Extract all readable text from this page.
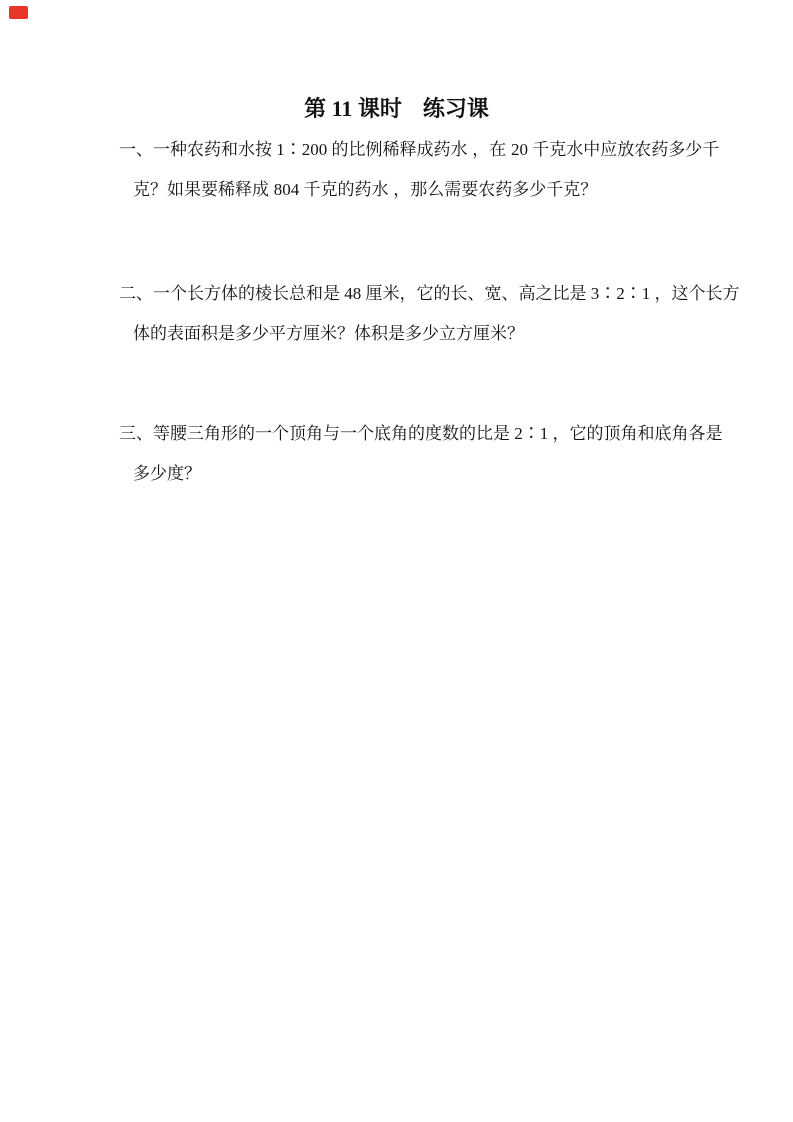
第 11 课时 练习课
一、一种农药和水按 1∶200 的比例稀释成药水 ，在 20 千克水中应放农药多少千
克？如果要稀释成 804 千克的药水 ，那么需要农药多少千克？
二、一个长方体的棱长总和是 48 厘米，它的长、宽、高之比是 3∶2∶1 ，这个长方
体的表面积是多少平方厘米？体积是多少立方厘米？
三、等腰三角形的一个顶角与一个底角的度数的比是 2∶1 ，它的顶角和底角各是
多少度？
